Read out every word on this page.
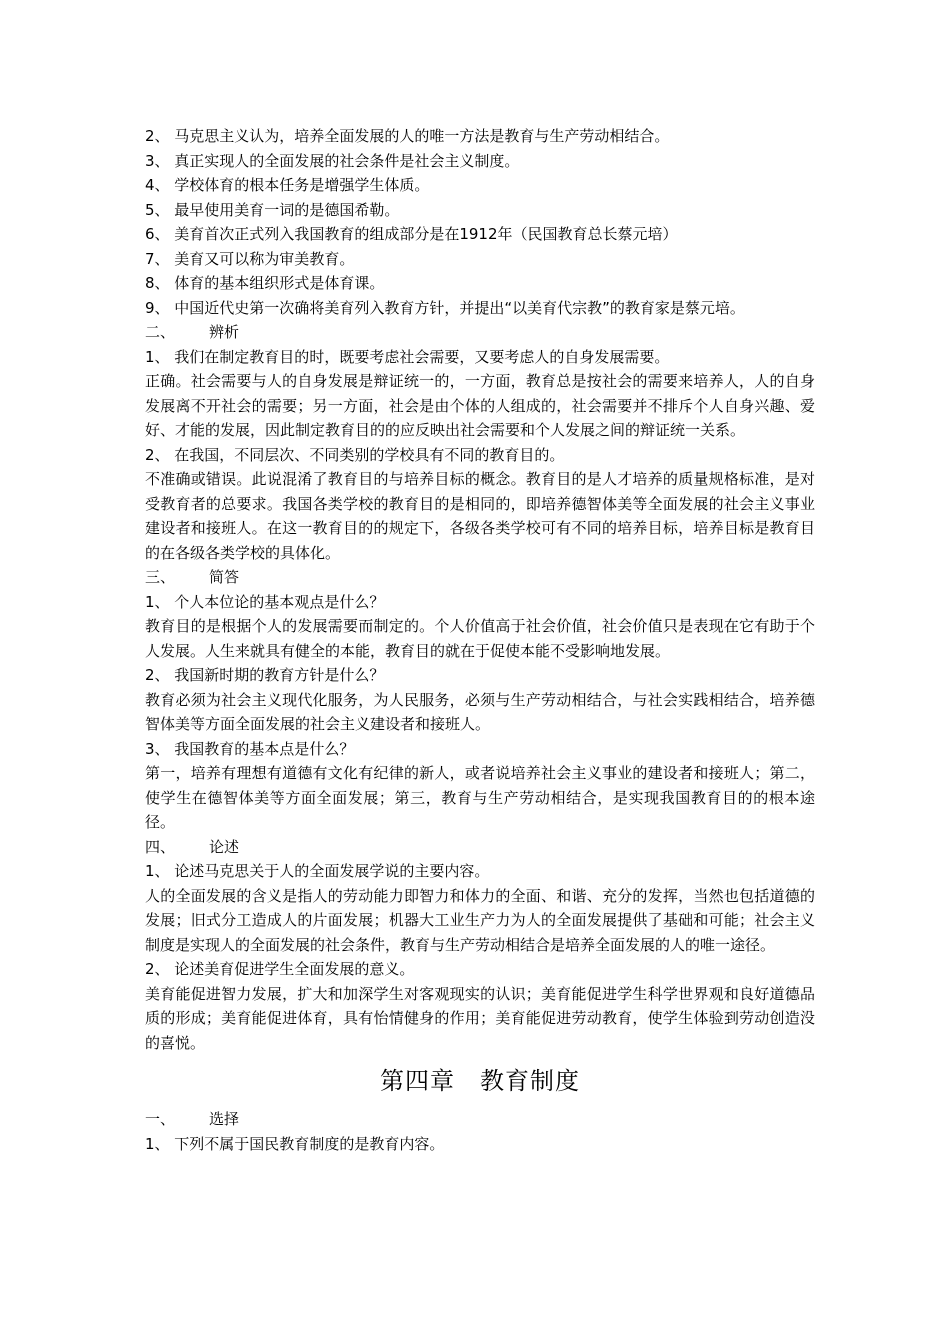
2、 马克思主义认为，培养全面发展的人的唯一方法是教育与生产劳动相结合。
3、 真正实现人的全面发展的社会条件是社会主义制度。
4、 学校体育的根本任务是增强学生体质。
5、 最早使用美育一词的是德国希勒。
6、 美育首次正式列入我国教育的组成部分是在1912年（民国教育总长蔡元培）
7、 美育又可以称为审美教育。
8、 体育的基本组织形式是体育课。
9、 中国近代史第一次确将美育列入教育方针，并提出“以美育代宗教”的教育家是蔡元培。
二、 辨析
1、 我们在制定教育目的时，既要考虑社会需要，又要考虑人的自身发展需要。
正确。社会需要与人的自身发展是辩证统一的，一方面，教育总是按社会的需要来培养人，人的自身发展离不开社会的需要；另一方面，社会是由个体的人组成的，社会需要并不排斥个人自身兴趣、爱好、才能的发展，因此制定教育目的的应反映出社会需要和个人发展之间的辩证统一关系。
2、 在我国，不同层次、不同类别的学校具有不同的教育目的。
不准确或错误。此说混淆了教育目的与培养目标的概念。教育目的是人才培养的质量规格标准，是对受教育者的总要求。我国各类学校的教育目的是相同的，即培养德智体美等全面发展的社会主义事业建设者和接班人。在这一教育目的的规定下，各级各类学校可有不同的培养目标，培养目标是教育目的在各级各类学校的具体化。
三、 简答
1、 个人本位论的基本观点是什么？
教育目的是根据个人的发展需要而制定的。个人价值高于社会价值，社会价值只是表现在它有助于个人发展。人生来就具有健全的本能，教育目的就在于促使本能不受影响地发展。
2、 我国新时期的教育方针是什么？
教育必须为社会主义现代化服务，为人民服务，必须与生产劳动相结合，与社会实践相结合，培养德智体美等方面全面发展的社会主义建设者和接班人。
3、 我国教育的基本点是什么？
第一，培养有理想有道德有文化有纪律的新人，或者说培养社会主义事业的建设者和接班人；第二，使学生在德智体美等方面全面发展；第三，教育与生产劳动相结合，是实现我国教育目的的根本途径。
四、 论述
1、 论述马克思关于人的全面发展学说的主要内容。
人的全面发展的含义是指人的劳动能力即智力和体力的全面、和谐、充分的发挥，当然也包括道德的发展；旧式分工造成人的片面发展；机器大工业生产力为人的全面发展提供了基础和可能；社会主义制度是实现人的全面发展的社会条件，教育与生产劳动相结合是培养全面发展的人的唯一途径。
2、 论述美育促进学生全面发展的意义。
美育能促进智力发展，扩大和加深学生对客观现实的认识；美育能促进学生科学世界观和良好道德品质的形成；美育能促进体育，具有怡情健身的作用；美育能促进劳动教育，使学生体验到劳动创造没的喜悦。
第四章　教育制度
一、 选择
1、 下列不属于国民教育制度的是教育内容。
